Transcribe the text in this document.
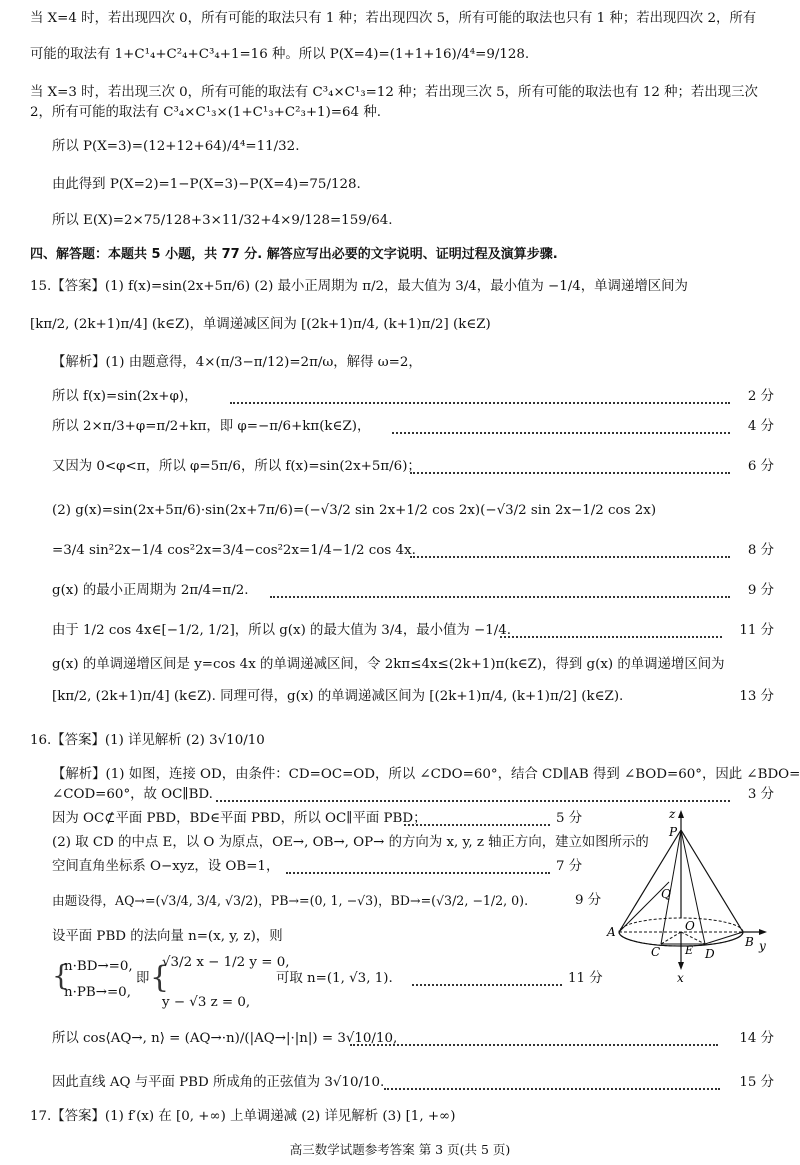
当 X=4 时，若出现四次 0，所有可能的取法只有 1 种；若出现四次 5，所有可能的取法也只有 1 种；若出现四次 2，所有
可能的取法有 1+C¹₄+C²₄+C³₄+1=16 种。所以 P(X=4)=(1+1+16)/4⁴=9/128.
当 X=3 时，若出现三次 0，所有可能的取法有 C³₄×C¹₃=12 种；若出现三次 5，所有可能的取法也有 12 种；若出现三次
2，所有可能的取法有 C³₄×C¹₃×(1+C¹₃+C²₃+1)=64 种.
所以 P(X=3)=(12+12+64)/4⁴=11/32.
由此得到 P(X=2)=1−P(X=3)−P(X=4)=75/128.
所以 E(X)=2×75/128+3×11/32+4×9/128=159/64.
四、解答题：本题共 5 小题，共 77 分. 解答应写出必要的文字说明、证明过程及演算步骤.
15.【答案】(1) f(x)=sin(2x+5π/6) (2) 最小正周期为 π/2，最大值为 3/4，最小值为 −1/4，单调递增区间为
[kπ/2, (2k+1)π/4] (k∈Z)，单调递减区间为 [(2k+1)π/4, (k+1)π/2] (k∈Z)
【解析】(1) 由题意得，4×(π/3−π/12)=2π/ω，解得 ω=2，
所以 f(x)=sin(2x+φ)，	2 分
所以 2×π/3+φ=π/2+kπ，即 φ=−π/6+kπ(k∈Z)，	4 分
又因为 0<φ<π，所以 φ=5π/6，所以 f(x)=sin(2x+5π/6)；	6 分
(2) g(x)=sin(2x+5π/6)·sin(2x+7π/6)=(−√3/2 sin 2x+1/2 cos 2x)(−√3/2 sin 2x−1/2 cos 2x)
=3/4 sin²2x−1/4 cos²2x=3/4−cos²2x=1/4−1/2 cos 4x.	8 分
g(x) 的最小正周期为 2π/4=π/2.	9 分
由于 1/2 cos 4x∈[−1/2, 1/2]，所以 g(x) 的最大值为 3/4，最小值为 −1/4.	11 分
g(x) 的单调递增区间是 y=cos 4x 的单调递减区间，令 2kπ≤4x≤(2k+1)π(k∈Z)，得到 g(x) 的单调递增区间为
[kπ/2, (2k+1)π/4] (k∈Z). 同理可得，g(x) 的单调递减区间为 [(2k+1)π/4, (k+1)π/2] (k∈Z).	13 分
16.【答案】(1) 详见解析 (2) 3√10/10
【解析】(1) 如图，连接 OD，由条件：CD=OC=OD，所以 ∠CDO=60°，结合 CD∥AB 得到 ∠BOD=60°，因此 ∠BDO=
∠COD=60°，故 OC∥BD.	3 分
因为 OC⊄平面 PBD，BD∈平面 PBD，所以 OC∥平面 PBD；	5 分
(2) 取 CD 的中点 E，以 O 为原点，OE→, OB→, OP→ 的方向为 x, y, z 轴正方向，建立如图所示的
空间直角坐标系 O−xyz，设 OB=1，	7 分
由题设得，AQ→=(√3/4, 3/4, √3/2)，PB→=(0, 1, −√3)，BD→=(√3/2, −1/2, 0).	9 分
设平面 PBD 的法向量 n=(x, y, z)，则
{
n·BD→=0,
n·PB→=0,
即 {
√3/2 x − 1/2 y = 0,
y − √3 z = 0,
可取 n=(1, √3, 1).	11 分
所以 cos⟨AQ→, n⟩ = (AQ→·n)/(|AQ→|·|n|) = 3√10/10,	14 分
因此直线 AQ 与平面 PBD 所成角的正弦值为 3√10/10.	15 分
17.【答案】(1) f′(x) 在 [0, +∞) 上单调递减 (2) 详见解析 (3) [1, +∞)
z
y
x
P
Q
O
A
B
C	D
E
高三数学试题参考答案 第 3 页(共 5 页)
